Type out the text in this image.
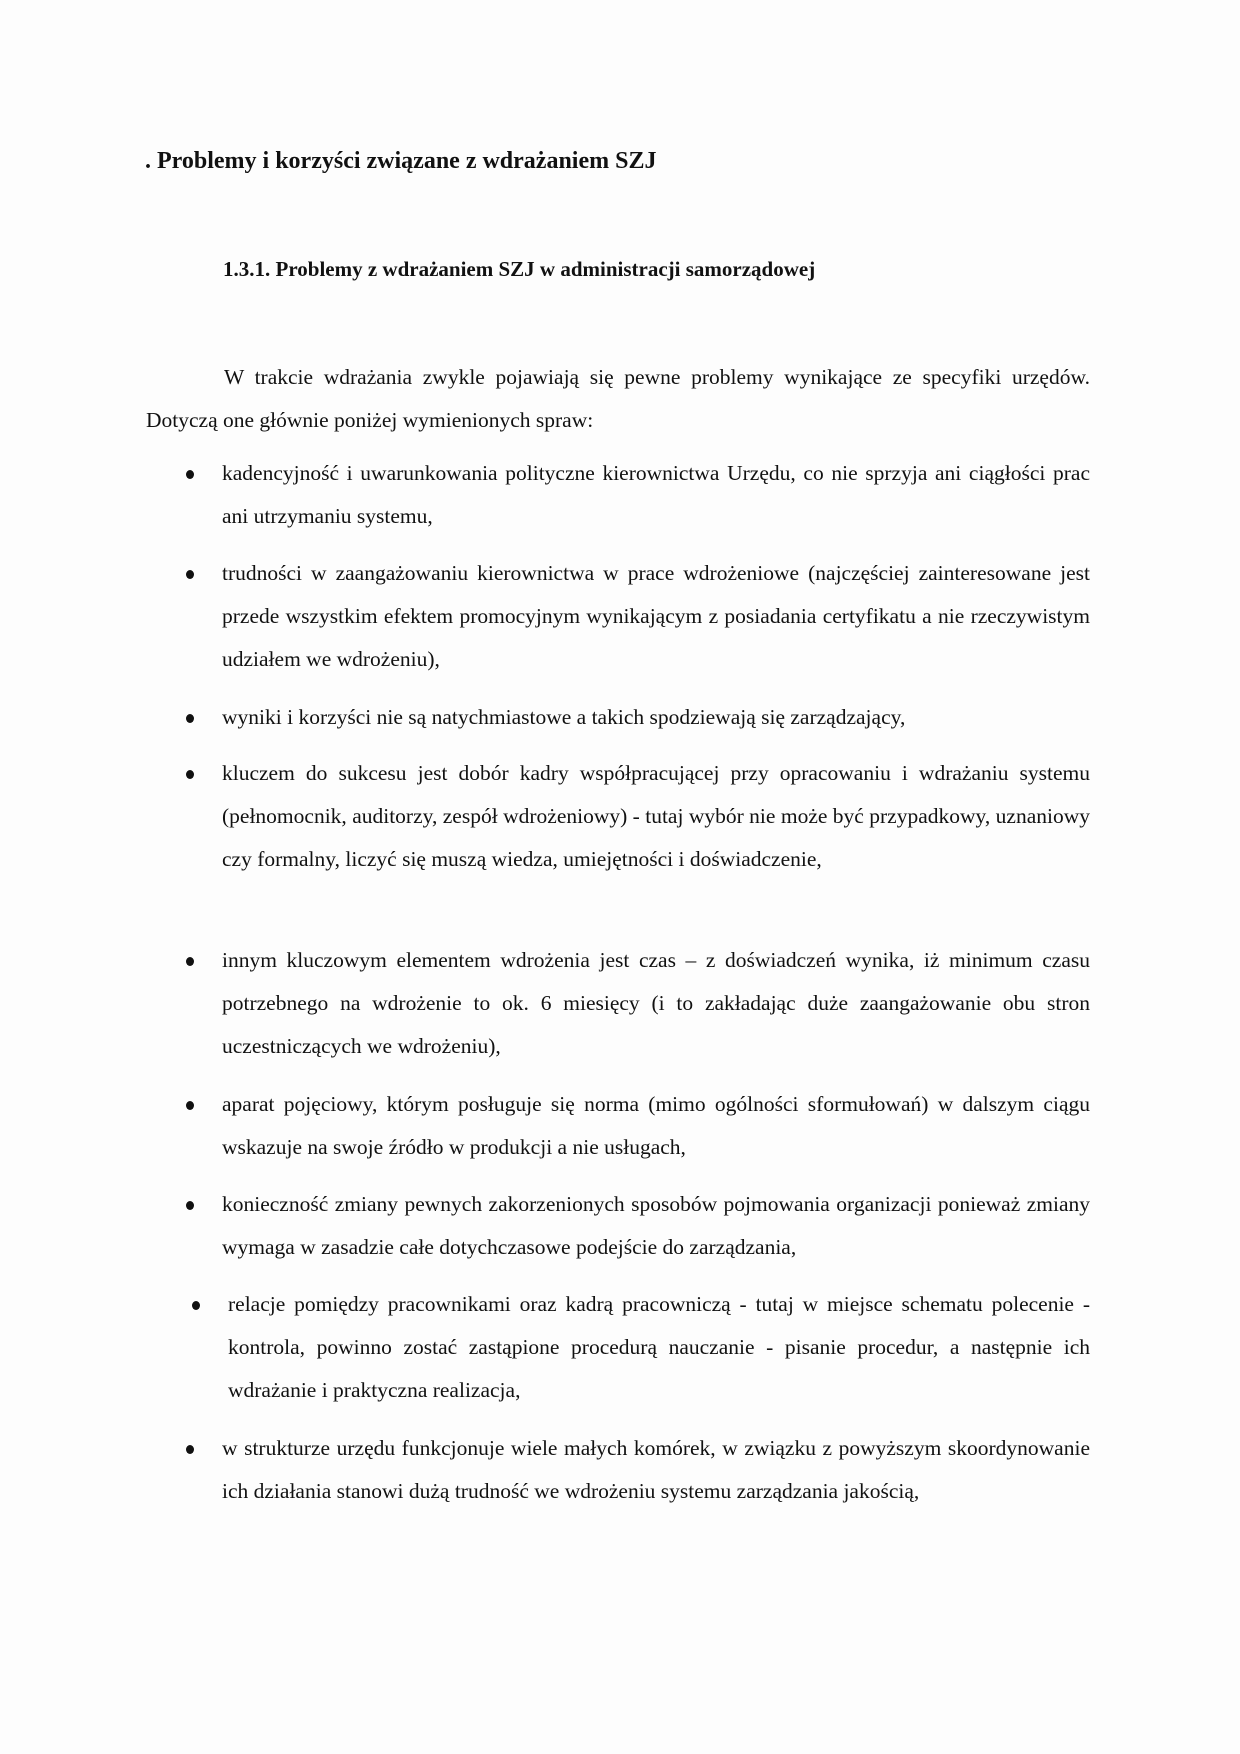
. Problemy i korzyści związane z wdrażaniem SZJ
1.3.1. Problemy z wdrażaniem SZJ w administracji samorządowej

W trakcie wdrażania zwykle pojawiają się pewne problemy wynikające ze specyfiki urzędów. Dotyczą one głównie poniżej wymienionych spraw:

kadencyjność i uwarunkowania polityczne kierownictwa Urzędu, co nie sprzyja ani ciągłości prac ani utrzymaniu systemu,
trudności w zaangażowaniu kierownictwa w prace wdrożeniowe (najczęściej zainteresowane jest przede wszystkim efektem promocyjnym wynikającym z posiadania certyfikatu a nie rzeczywistym udziałem we wdrożeniu),
wyniki i korzyści nie są natychmiastowe a takich spodziewają się zarządzający,
kluczem do sukcesu jest dobór kadry współpracującej przy opracowaniu i wdrażaniu systemu (pełnomocnik, auditorzy, zespół wdrożeniowy) - tutaj wybór nie może być przypadkowy, uznaniowy czy formalny, liczyć się muszą wiedza, umiejętności i doświadczenie,
innym kluczowym elementem wdrożenia jest czas – z doświadczeń wynika, iż minimum czasu potrzebnego na wdrożenie to ok. 6 miesięcy (i to zakładając duże zaangażowanie obu stron uczestniczących we wdrożeniu),
aparat pojęciowy, którym posługuje się norma (mimo ogólności sformułowań) w dalszym ciągu wskazuje na swoje źródło w produkcji a nie usługach,
konieczność zmiany pewnych zakorzenionych sposobów pojmowania organizacji ponieważ zmiany wymaga w zasadzie całe dotychczasowe podejście do zarządzania,
relacje pomiędzy pracownikami oraz kadrą pracowniczą - tutaj w miejsce schematu polecenie - kontrola, powinno zostać zastąpione procedurą nauczanie - pisanie procedur, a następnie ich wdrażanie i praktyczna realizacja,
w strukturze urzędu funkcjonuje wiele małych komórek, w związku z powyższym skoordynowanie ich działania stanowi dużą trudność we wdrożeniu systemu zarządzania jakością,
